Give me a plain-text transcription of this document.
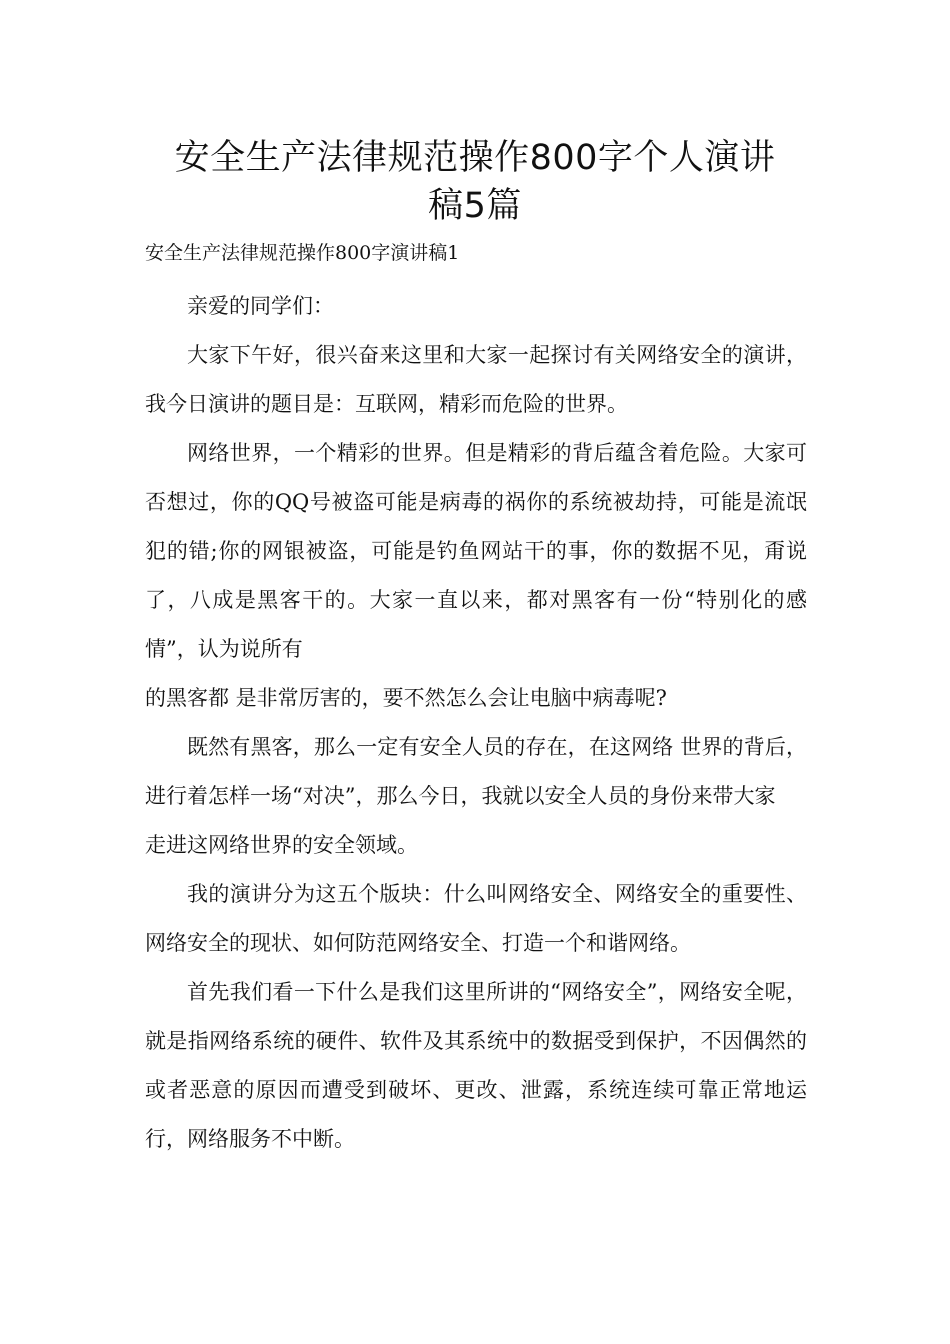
安全生产法律规范操作800字个人演讲
稿5篇
安全生产法律规范操作800字演讲稿1

亲爱的同学们：

大家下午好，很兴奋来这里和大家一起探讨有关网络安全的演讲，我今日演讲的题目是：互联网，精彩而危险的世界。

网络世界，一个精彩的世界。但是精彩的背后蕴含着危险。大家可否想过，你的QQ号被盗可能是病毒的祸你的系统被劫持，可能是流氓犯的错;你的网银被盗，可能是钓鱼网站干的事，你的数据不见，甭说了，八成是黑客干的。大家一直以来，都对黑客有一份“特别化的感情”，认为说所有

的黑客都 是非常厉害的，要不然怎么会让电脑中病毒呢?

既然有黑客，那么一定有安全人员的存在，在这网络 世界的背后，进行着怎样一场“对决”，那么今日，我就以安全人员的身份来带大家

走进这网络世界的安全领域。

我的演讲分为这五个版块：什么叫网络安全、网络安全的重要性、网络安全的现状、如何防范网络安全、打造一个和谐网络。

首先我们看一下什么是我们这里所讲的“网络安全”，网络安全呢，就是指网络系统的硬件、软件及其系统中的数据受到保护，不因偶然的或者恶意的原因而遭受到破坏、更改、泄露，系统连续可靠正常地运行，网络服务不中断。
